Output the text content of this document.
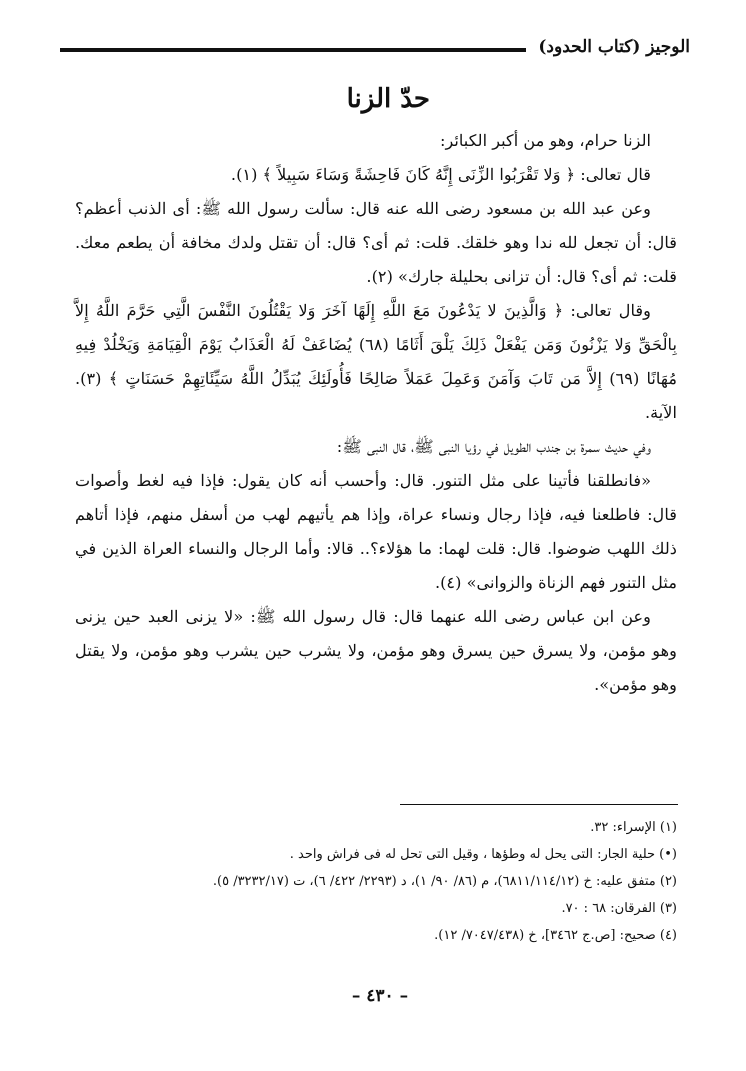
الوجيز (كتاب الحدود)
حدّ الزنا

الزنا حرام، وهو من أكبر الكبائر:

قال تعالى: ﴿ وَلا تَقْرَبُوا الزِّنَى إِنَّهُ كَانَ فَاحِشَةً وَسَاءَ سَبِيلاً ﴾ (١).

وعن عبد الله بن مسعود رضى الله عنه قال: سألت رسول الله ﷺ: أى الذنب أعظم؟ قال: أن تجعل لله ندا وهو خلقك. قلت: ثم أى؟ قال: أن تقتل ولدك مخافة أن يطعم معك. قلت: ثم أى؟ قال: أن تزانى بحليلة جارك» (٢).

وقال تعالى: ﴿ وَالَّذِينَ لا يَدْعُونَ مَعَ اللَّهِ إِلَهًا آخَرَ وَلا يَقْتُلُونَ النَّفْسَ الَّتِي حَرَّمَ اللَّهُ إِلاَّ بِالْحَقِّ وَلا يَزْنُونَ وَمَن يَفْعَلْ ذَلِكَ يَلْقَ أَثَامًا (٦٨) يُضَاعَفْ لَهُ الْعَذَابُ يَوْمَ الْقِيَامَةِ وَيَخْلُدْ فِيهِ مُهَانًا (٦٩) إِلاَّ مَن تَابَ وَآمَنَ وَعَمِلَ عَمَلاً صَالِحًا فَأُولَئِكَ يُبَدِّلُ اللَّهُ سَيِّئَاتِهِمْ حَسَنَاتٍ ﴾ (٣). الآية.

وفي حديث سمرة بن جندب الطويل في رؤيا النبى ﷺ، قال النبى ﷺ:

«فانطلقنا فأتينا على مثل التنور. قال: وأحسب أنه كان يقول: فإذا فيه لغط وأصوات قال: فاطلعنا فيه، فإذا رجال ونساء عراة، وإذا هم يأتيهم لهب من أسفل منهم، فإذا أتاهم ذلك اللهب ضوضوا. قال: قلت لهما: ما هؤلاء؟.. قالا: وأما الرجال والنساء العراة الذين في مثل التنور فهم الزناة والزوانى» (٤).

وعن ابن عباس رضى الله عنهما قال: قال رسول الله ﷺ: «لا يزنى العبد حين يزنى وهو مؤمن، ولا يسرق حين يسرق وهو مؤمن، ولا يشرب حين يشرب وهو مؤمن، ولا يقتل وهو مؤمن».

(١) الإسراء: ٣٢.

(•) حلية الجار: التى يحل له وطؤها ، وقيل التى تحل له فى فراش واحد .

(٢) متفق عليه: خ (٦٨١١/١١٤/١٢)، م (٨٦/ ٩٠/ ١)، د (٢٢٩٣/ ٤٢٢/ ٦)، ت (٣٢٣٢/١٧/ ٥).

(٣) الفرقان: ٦٨ : ٧٠.

(٤) صحيح: [ص.ج ٣٤٦٢]، خ (٧٠٤٧/٤٣٨/ ١٢).

– ٤٣٠ –
